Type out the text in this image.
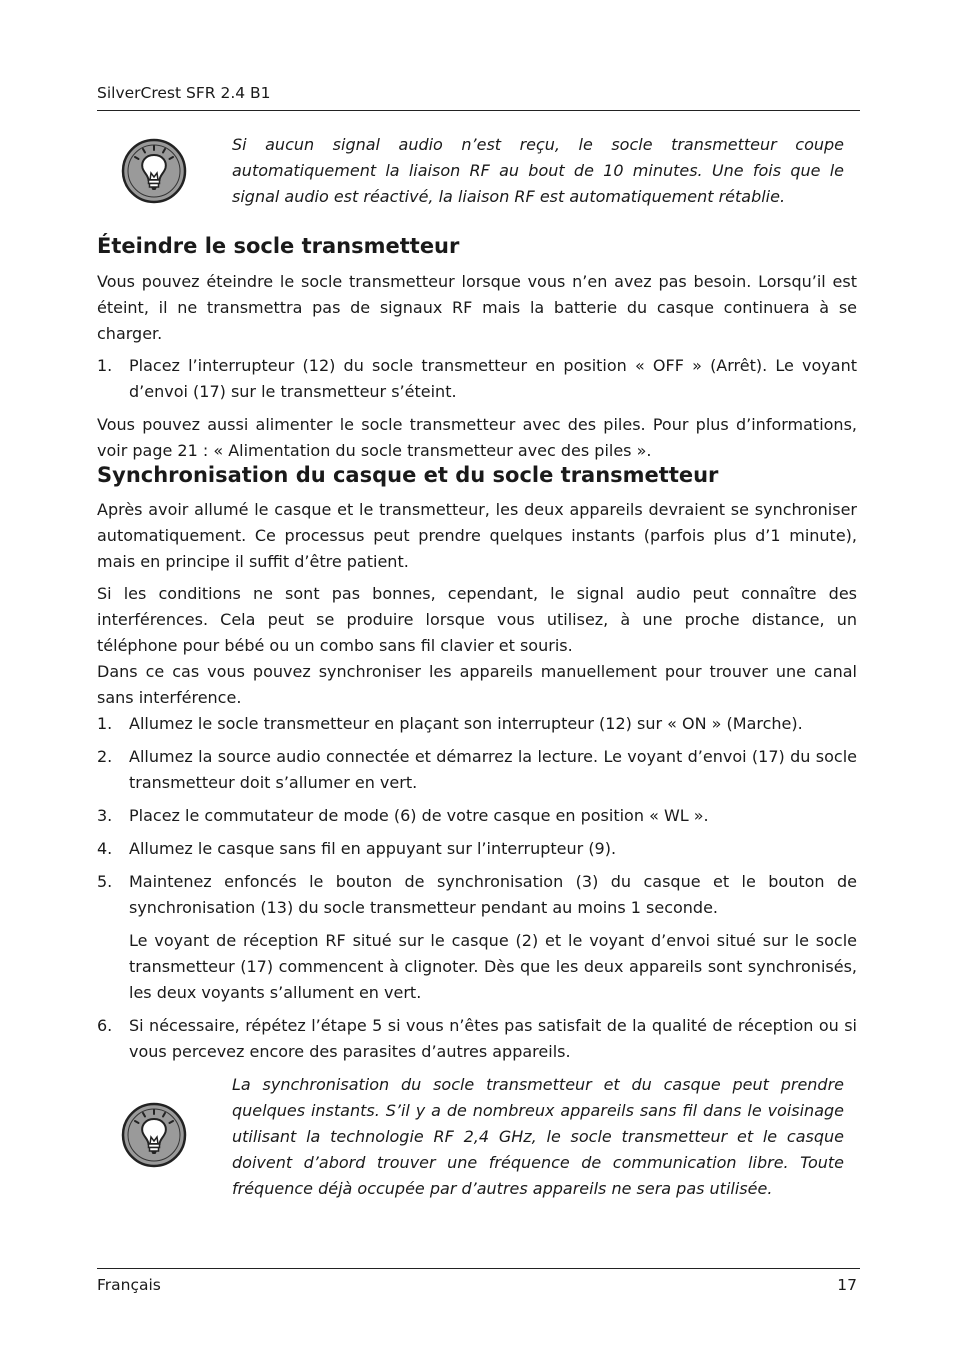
SilverCrest SFR 2.4 B1
Si aucun signal audio n’est reçu, le socle transmetteur coupe automatiquement la liaison RF au bout de 10 minutes. Une fois que le signal audio est réactivé, la liaison RF est automatiquement rétablie.
Éteindre le socle transmetteur

Vous pouvez éteindre le socle transmetteur lorsque vous n’en avez pas besoin. Lorsqu’il est éteint, il ne transmettra pas de signaux RF mais la batterie du casque continuera à se charger.

1. Placez l’interrupteur (12) du socle transmetteur en position « OFF » (Arrêt). Le voyant d’envoi (17) sur le transmetteur s’éteint.

Vous pouvez aussi alimenter le socle transmetteur avec des piles. Pour plus d’informations, voir page 21 : « Alimentation du socle transmetteur avec des piles ».

Synchronisation du casque et du socle transmetteur

Après avoir allumé le casque et le transmetteur, les deux appareils devraient se synchroniser automatiquement. Ce processus peut prendre quelques instants (parfois plus d’1 minute), mais en principe il suffit d’être patient.

Si les conditions ne sont pas bonnes, cependant, le signal audio peut connaître des interférences. Cela peut se produire lorsque vous utilisez, à une proche distance, un téléphone pour bébé ou un combo sans fil clavier et souris.

Dans ce cas vous pouvez synchroniser les appareils manuellement pour trouver une canal sans interférence.

1. Allumez le socle transmetteur en plaçant son interrupteur (12) sur « ON » (Marche).
2. Allumez la source audio connectée et démarrez la lecture. Le voyant d’envoi (17) du socle transmetteur doit s’allumer en vert.
3. Placez le commutateur de mode (6) de votre casque en position « WL ».
4. Allumez le casque sans fil en appuyant sur l’interrupteur (9).
5. Maintenez enfoncés le bouton de synchronisation (3) du casque et le bouton de synchronisation (13) du socle transmetteur pendant au moins 1 seconde.
Le voyant de réception RF situé sur le casque (2) et le voyant d’envoi situé sur le socle transmetteur (17) commencent à clignoter. Dès que les deux appareils sont synchronisés, les deux voyants s’allument en vert.
6. Si nécessaire, répétez l’étape 5 si vous n’êtes pas satisfait de la qualité de réception ou si vous percevez encore des parasites d’autres appareils.
La synchronisation du socle transmetteur et du casque peut prendre quelques instants. S’il y a de nombreux appareils sans fil dans le voisinage utilisant la technologie RF 2,4 GHz, le socle transmetteur et le casque doivent d’abord trouver une fréquence de communication libre. Toute fréquence déjà occupée par d’autres appareils ne sera pas utilisée.
Français	17
